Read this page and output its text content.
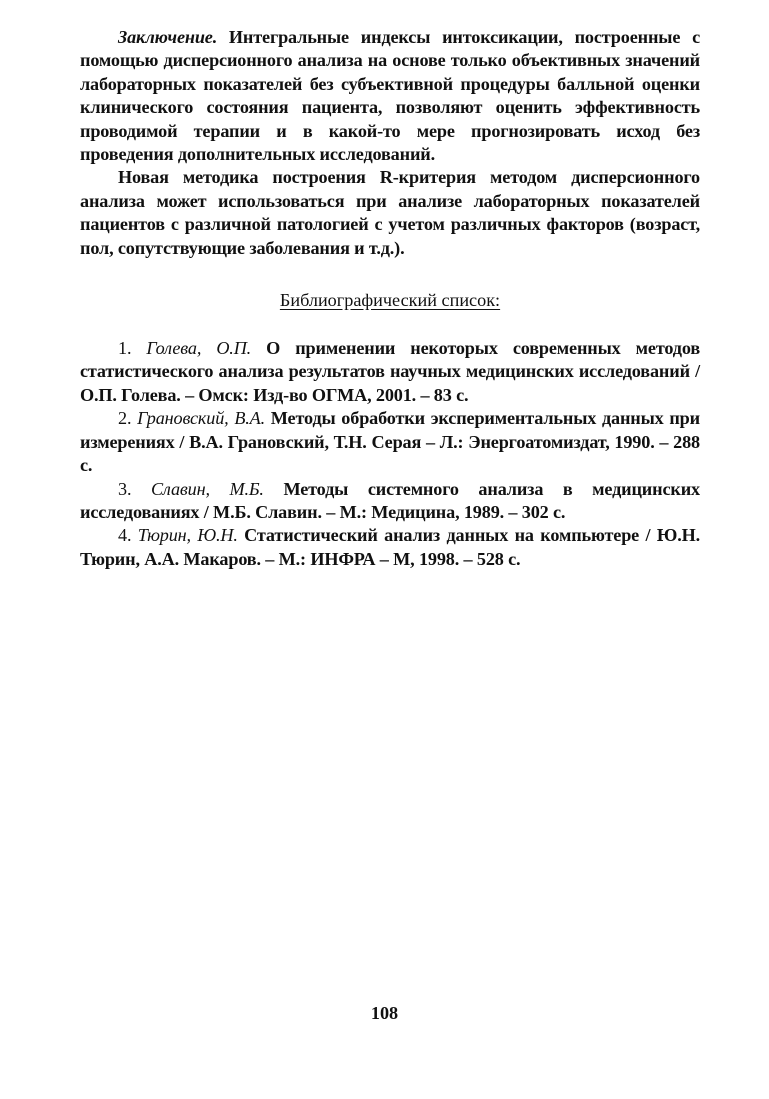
Заключение. Интегральные индексы интоксикации, построенные с помощью дисперсионного анализа на основе только объективных значений лабораторных показателей без субъективной процедуры балльной оценки клинического состояния пациента, позволяют оценить эффективность проводимой терапии и в какой-то мере прогнозировать исход без проведения дополнительных исследований.

Новая методика построения R-критерия методом дисперсионного анализа может использоваться при анализе лабораторных показателей пациентов с различной патологией с учетом различных факторов (возраст, пол, сопутствующие заболевания и т.д.).

Библиографический список:

1. Голева, О.П. О применении некоторых современных методов статистического анализа результатов научных медицинских исследований / О.П. Голева. – Омск: Изд-во ОГМА, 2001. – 83 с.

2. Грановский, В.А. Методы обработки экспериментальных данных при измерениях / В.А. Грановский, Т.Н. Серая – Л.: Энергоатомиздат, 1990. – 288 с.

3. Славин, М.Б. Методы системного анализа в медицинских исследованиях / М.Б. Славин. – М.: Медицина, 1989. – 302 с.

4. Тюрин, Ю.Н. Статистический анализ данных на компьютере / Ю.Н. Тюрин, А.А. Макаров. – М.: ИНФРА – М, 1998. – 528 с.

108
